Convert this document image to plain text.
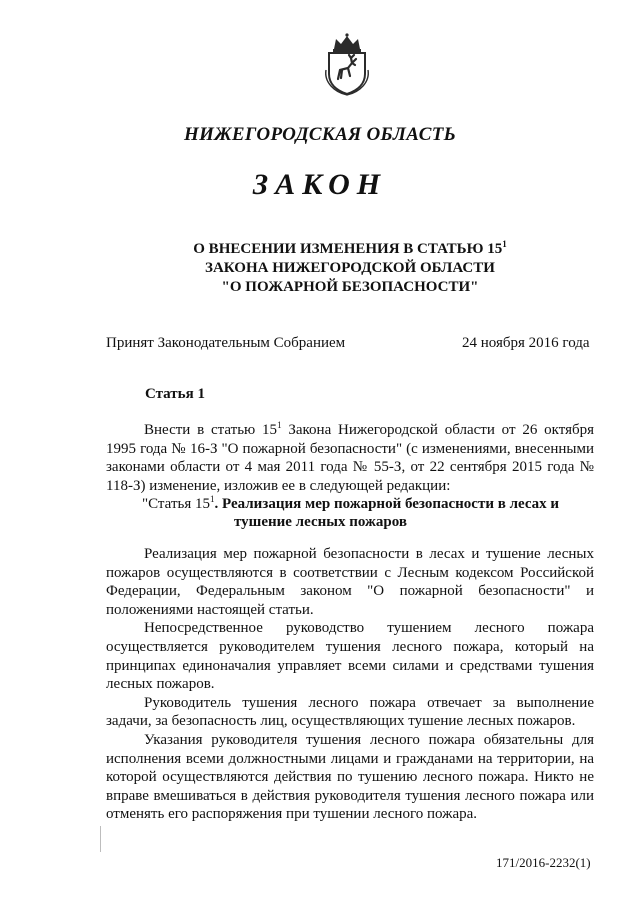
НИЖЕГОРОДСКАЯ ОБЛАСТЬ
ЗАКОН
О ВНЕСЕНИИ ИЗМЕНЕНИЯ В СТАТЬЮ $15^1$
ЗАКОНА НИЖЕГОРОДСКОЙ ОБЛАСТИ
"О ПОЖАРНОЙ БЕЗОПАСНОСТИ"
Принят Законодательным Собранием	24 ноября 2016 года
Статья 1

Внести в статью $15^1$ Закона Нижегородской области от 26 октября 1995 года № 16-З "О пожарной безопасности" (с изменениями, внесенными законами области от 4 мая 2011 года № 55-З, от 22 сентября 2015 года № 118-З) изменение, изложив ее в следующей редакции:

"Статья $15^1$. Реализация мер пожарной безопасности в лесах и
тушение лесных пожаров

Реализация мер пожарной безопасности в лесах и тушение лесных пожаров осуществляются в соответствии с Лесным кодексом Российской Федерации, Федеральным законом "О пожарной безопасности" и положениями настоящей статьи.

Непосредственное руководство тушением лесного пожара осуществляется руководителем тушения лесного пожара, который на принципах единоначалия управляет всеми силами и средствами тушения лесных пожаров.

Руководитель тушения лесного пожара отвечает за выполнение задачи, за безопасность лиц, осуществляющих тушение лесных пожаров.

Указания руководителя тушения лесного пожара обязательны для исполнения всеми должностными лицами и гражданами на территории, на которой осуществляются действия по тушению лесного пожара. Никто не вправе вмешиваться в действия руководителя тушения лесного пожара или отменять его распоряжения при тушении лесного пожара.

171/2016-2232(1)
